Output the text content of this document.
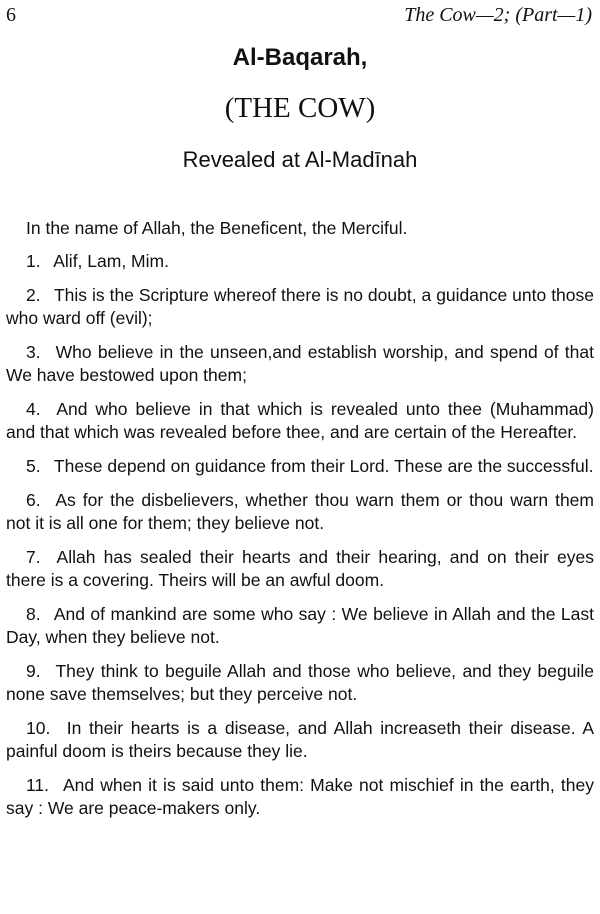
6	The Cow—2; (Part—1)
Al-Baqarah,
(THE COW)
Revealed at Al-Madīnah

In the name of Allah, the Beneficent, the Merciful.

1.  Alif, Lam, Mim.

2.  This is the Scripture whereof there is no doubt, a guidance unto those who ward off (evil);

3.  Who believe in the unseen,and establish worship, and spend of that We have bestowed upon them;

4.  And who believe in that which is revealed unto thee (Muhammad) and that which was revealed before thee, and are certain of the Hereafter.

5.  These depend on guidance from their Lord. These are the successful.

6.  As for the disbelievers, whether thou warn them or thou warn them not it is all one for them; they believe not.

7.  Allah has sealed their hearts and their hearing, and on their eyes there is a covering. Theirs will be an awful doom.

8.  And of mankind are some who say : We believe in Allah and the Last Day, when they believe not.

9.  They think to beguile Allah and those who believe, and they beguile none save themselves; but they perceive not.

10.  In their hearts is a disease, and Allah increaseth their disease. A painful doom is theirs because they lie.

11.  And when it is said unto them: Make not mischief in the earth, they say : We are peace-makers only.
